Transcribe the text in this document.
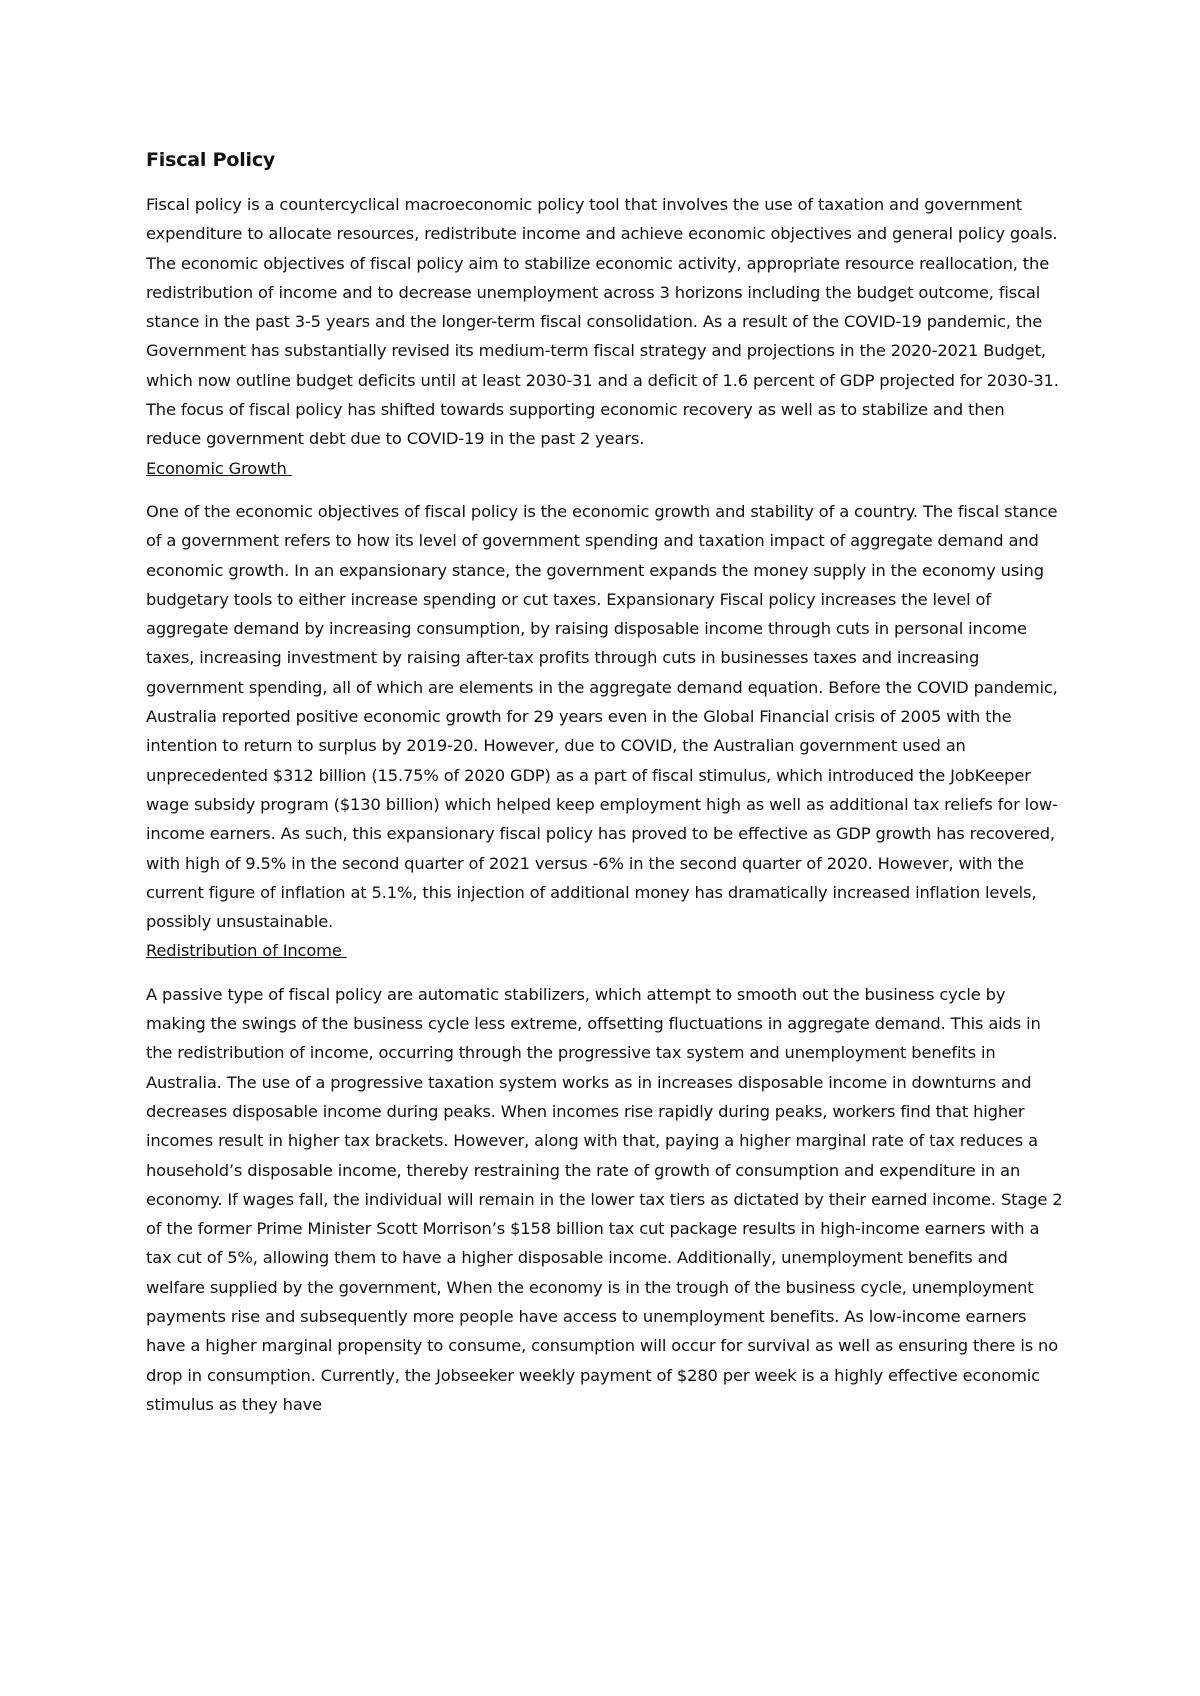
Fiscal Policy

Fiscal policy is a countercyclical macroeconomic policy tool that involves the use of taxation and government expenditure to allocate resources, redistribute income and achieve economic objectives and general policy goals. The economic objectives of fiscal policy aim to stabilize economic activity, appropriate resource reallocation, the redistribution of income and to decrease unemployment across 3 horizons including the budget outcome, fiscal stance in the past 3-5 years and the longer-term fiscal consolidation. As a result of the COVID-19 pandemic, the Government has substantially revised its medium-term fiscal strategy and projections in the 2020-2021 Budget, which now outline budget deficits until at least 2030-31 and a deficit of 1.6 percent of GDP projected for 2030-31. The focus of fiscal policy has shifted towards supporting economic recovery as well as to stabilize and then reduce government debt due to COVID-19 in the past 2 years.

Economic Growth

One of the economic objectives of fiscal policy is the economic growth and stability of a country. The fiscal stance of a government refers to how its level of government spending and taxation impact of aggregate demand and economic growth. In an expansionary stance, the government expands the money supply in the economy using budgetary tools to either increase spending or cut taxes. Expansionary Fiscal policy increases the level of aggregate demand by increasing consumption, by raising disposable income through cuts in personal income taxes, increasing investment by raising after-tax profits through cuts in businesses taxes and increasing government spending, all of which are elements in the aggregate demand equation. Before the COVID pandemic, Australia reported positive economic growth for 29 years even in the Global Financial crisis of 2005 with the intention to return to surplus by 2019-20. However, due to COVID, the Australian government used an unprecedented $312 billion (15.75% of 2020 GDP) as a part of fiscal stimulus, which introduced the JobKeeper wage subsidy program ($130 billion) which helped keep employment high as well as additional tax reliefs for low-income earners. As such, this expansionary fiscal policy has proved to be effective as GDP growth has recovered, with high of 9.5% in the second quarter of 2021 versus -6% in the second quarter of 2020. However, with the current figure of inflation at 5.1%, this injection of additional money has dramatically increased inflation levels, possibly unsustainable.

Redistribution of Income

A passive type of fiscal policy are automatic stabilizers, which attempt to smooth out the business cycle by making the swings of the business cycle less extreme, offsetting fluctuations in aggregate demand. This aids in the redistribution of income, occurring through the progressive tax system and unemployment benefits in Australia. The use of a progressive taxation system works as in increases disposable income in downturns and decreases disposable income during peaks. When incomes rise rapidly during peaks, workers find that higher incomes result in higher tax brackets. However, along with that, paying a higher marginal rate of tax reduces a household’s disposable income, thereby restraining the rate of growth of consumption and expenditure in an economy. If wages fall, the individual will remain in the lower tax tiers as dictated by their earned income. Stage 2 of the former Prime Minister Scott Morrison’s $158 billion tax cut package results in high-income earners with a tax cut of 5%, allowing them to have a higher disposable income. Additionally, unemployment benefits and welfare supplied by the government, When the economy is in the trough of the business cycle, unemployment payments rise and subsequently more people have access to unemployment benefits. As low-income earners have a higher marginal propensity to consume, consumption will occur for survival as well as ensuring there is no drop in consumption. Currently, the Jobseeker weekly payment of $280 per week is a highly effective economic stimulus as they have
